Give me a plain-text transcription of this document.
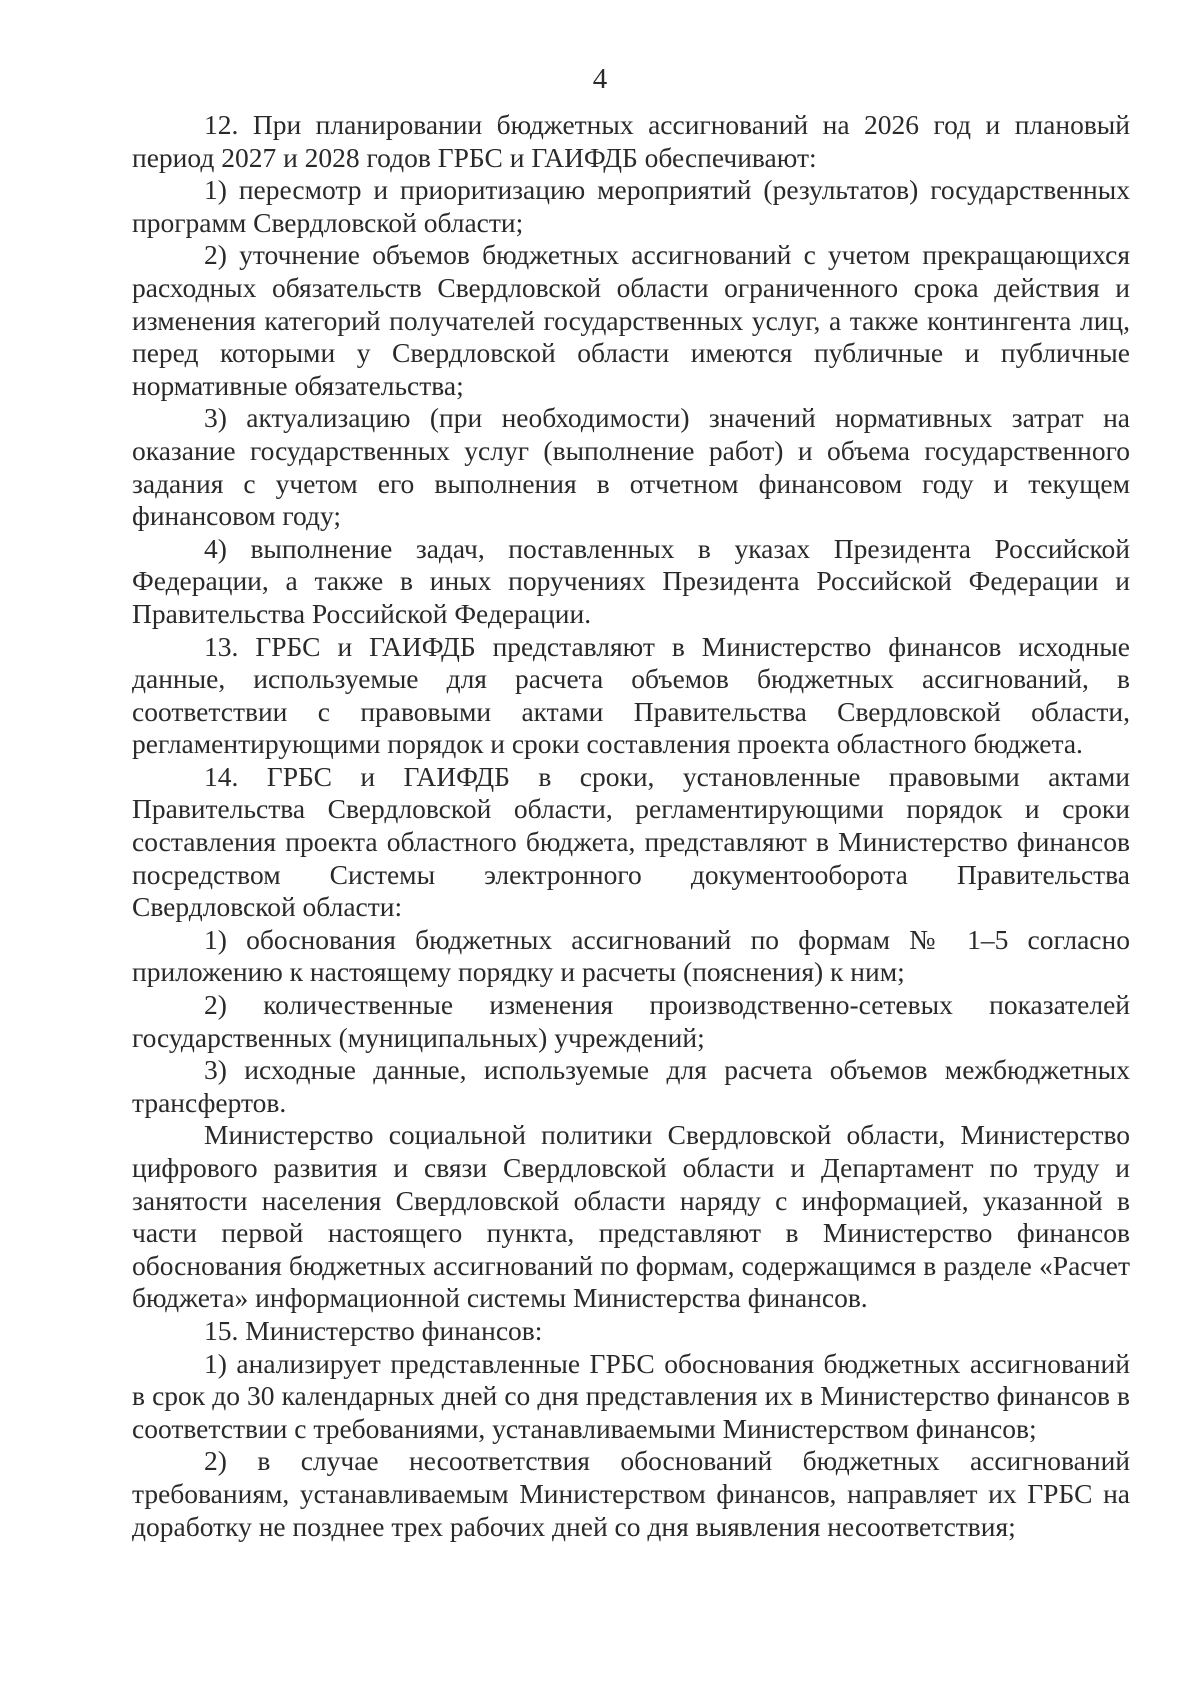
4

12. При планировании бюджетных ассигнований на 2026 год и плановый период 2027 и 2028 годов ГРБС и ГАИФДБ обеспечивают:

1) пересмотр и приоритизацию мероприятий (результатов) государственных программ Свердловской области;

2) уточнение объемов бюджетных ассигнований с учетом прекращающихся расходных обязательств Свердловской области ограниченного срока действия и изменения категорий получателей государственных услуг, а также контингента лиц, перед которыми у Свердловской области имеются публичные и публичные нормативные обязательства;

3) актуализацию (при необходимости) значений нормативных затрат на оказание государственных услуг (выполнение работ) и объема государственного задания с учетом его выполнения в отчетном финансовом году и текущем финансовом году;

4) выполнение задач, поставленных в указах Президента Российской Федерации, а также в иных поручениях Президента Российской Федерации и Правительства Российской Федерации.

13. ГРБС и ГАИФДБ представляют в Министерство финансов исходные данные, используемые для расчета объемов бюджетных ассигнований, в соответствии с правовыми актами Правительства Свердловской области, регламентирующими порядок и сроки составления проекта областного бюджета.

14. ГРБС и ГАИФДБ в сроки, установленные правовыми актами Правительства Свердловской области, регламентирующими порядок и сроки составления проекта областного бюджета, представляют в Министерство финансов посредством Системы электронного документооборота Правительства Свердловской области:

1) обоснования бюджетных ассигнований по формам № 1–5 согласно приложению к настоящему порядку и расчеты (пояснения) к ним;

2) количественные изменения производственно-сетевых показателей государственных (муниципальных) учреждений;

3) исходные данные, используемые для расчета объемов межбюджетных трансфертов.

Министерство социальной политики Свердловской области, Министерство цифрового развития и связи Свердловской области и Департамент по труду и занятости населения Свердловской области наряду с информацией, указанной в части первой настоящего пункта, представляют в Министерство финансов обоснования бюджетных ассигнований по формам, содержащимся в разделе «Расчет бюджета» информационной системы Министерства финансов.

15. Министерство финансов:

1) анализирует представленные ГРБС обоснования бюджетных ассигнований в срок до 30 календарных дней со дня представления их в Министерство финансов в соответствии с требованиями, устанавливаемыми Министерством финансов;

2) в случае несоответствия обоснований бюджетных ассигнований требованиям, устанавливаемым Министерством финансов, направляет их ГРБС на доработку не позднее трех рабочих дней со дня выявления несоответствия;
